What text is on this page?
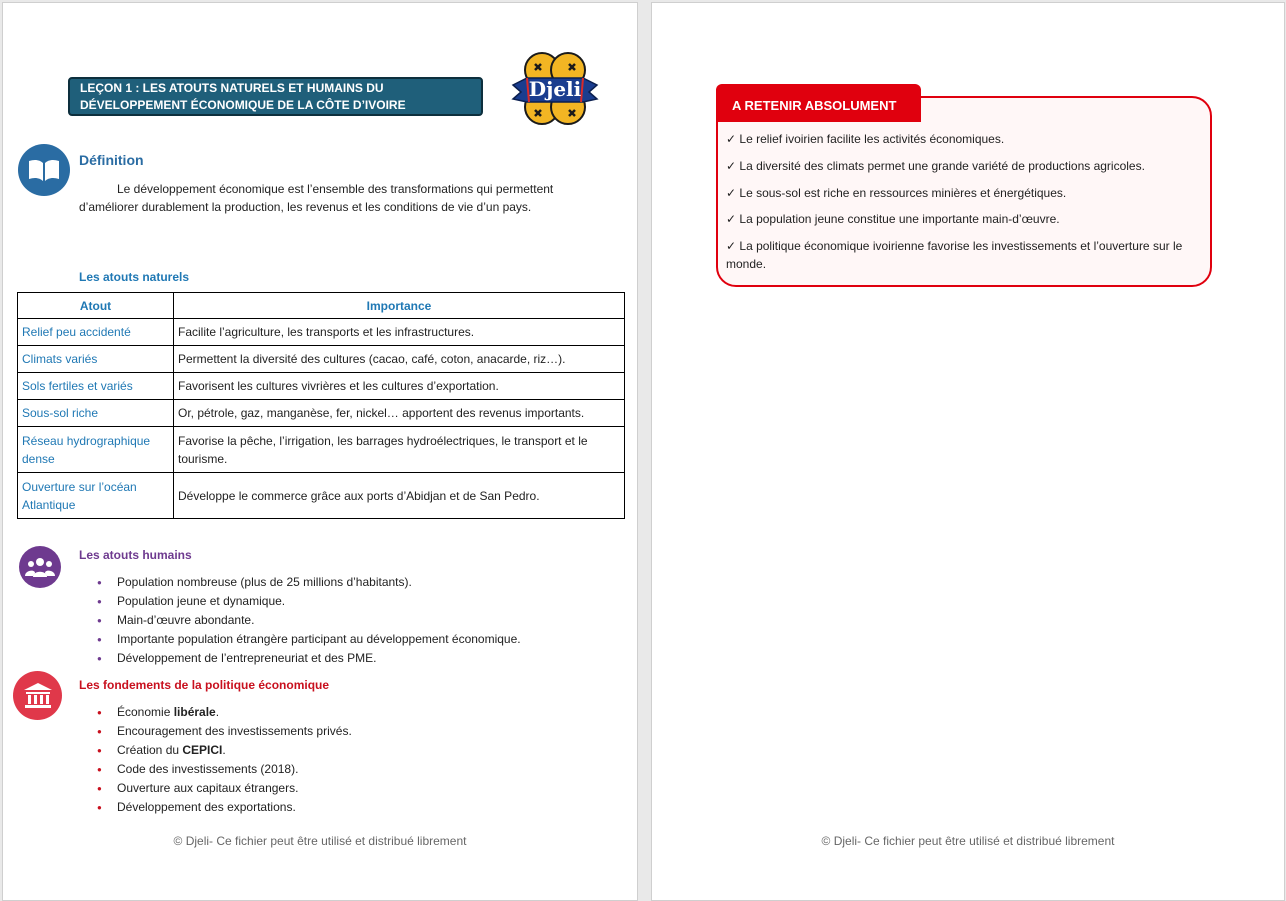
LEÇON 1 : LES ATOUTS NATURELS ET HUMAINS DU DÉVELOPPEMENT ÉCONOMIQUE DE LA CÔTE D’IVOIRE
Djeli
Définition
Le développement économique est l’ensemble des transformations qui permettent d’améliorer durablement la production, les revenus et les conditions de vie d’un pays.
Les atouts naturels
Atout	Importance
Relief peu accidenté	Facilite l’agriculture, les transports et les infrastructures.
Climats variés	Permettent la diversité des cultures (cacao, café, coton, anacarde, riz…).
Sols fertiles et variés	Favorisent les cultures vivrières et les cultures d’exportation.
Sous-sol riche	Or, pétrole, gaz, manganèse, fer, nickel… apportent des revenus importants.
Réseau hydrographique dense	Favorise la pêche, l’irrigation, les barrages hydroélectriques, le transport et le tourisme.
Ouverture sur l’océan Atlantique	Développe le commerce grâce aux ports d’Abidjan et de San Pedro.
Les atouts humains
● Population nombreuse (plus de 25 millions d’habitants).
● Population jeune et dynamique.
● Main-d’œuvre abondante.
● Importante population étrangère participant au développement économique.
● Développement de l’entrepreneuriat et des PME.
Les fondements de la politique économique
● Économie libérale.
● Encouragement des investissements privés.
● Création du CEPICI.
● Code des investissements (2018).
● Ouverture aux capitaux étrangers.
● Développement des exportations.
© Djeli- Ce fichier peut être utilisé et distribué librement
A RETENIR ABSOLUMENT
✓ Le relief ivoirien facilite les activités économiques.
✓ La diversité des climats permet une grande variété de productions agricoles.
✓ Le sous-sol est riche en ressources minières et énergétiques.
✓ La population jeune constitue une importante main-d’œuvre.
✓ La politique économique ivoirienne favorise les investissements et l’ouverture sur le monde.
© Djeli- Ce fichier peut être utilisé et distribué librement
